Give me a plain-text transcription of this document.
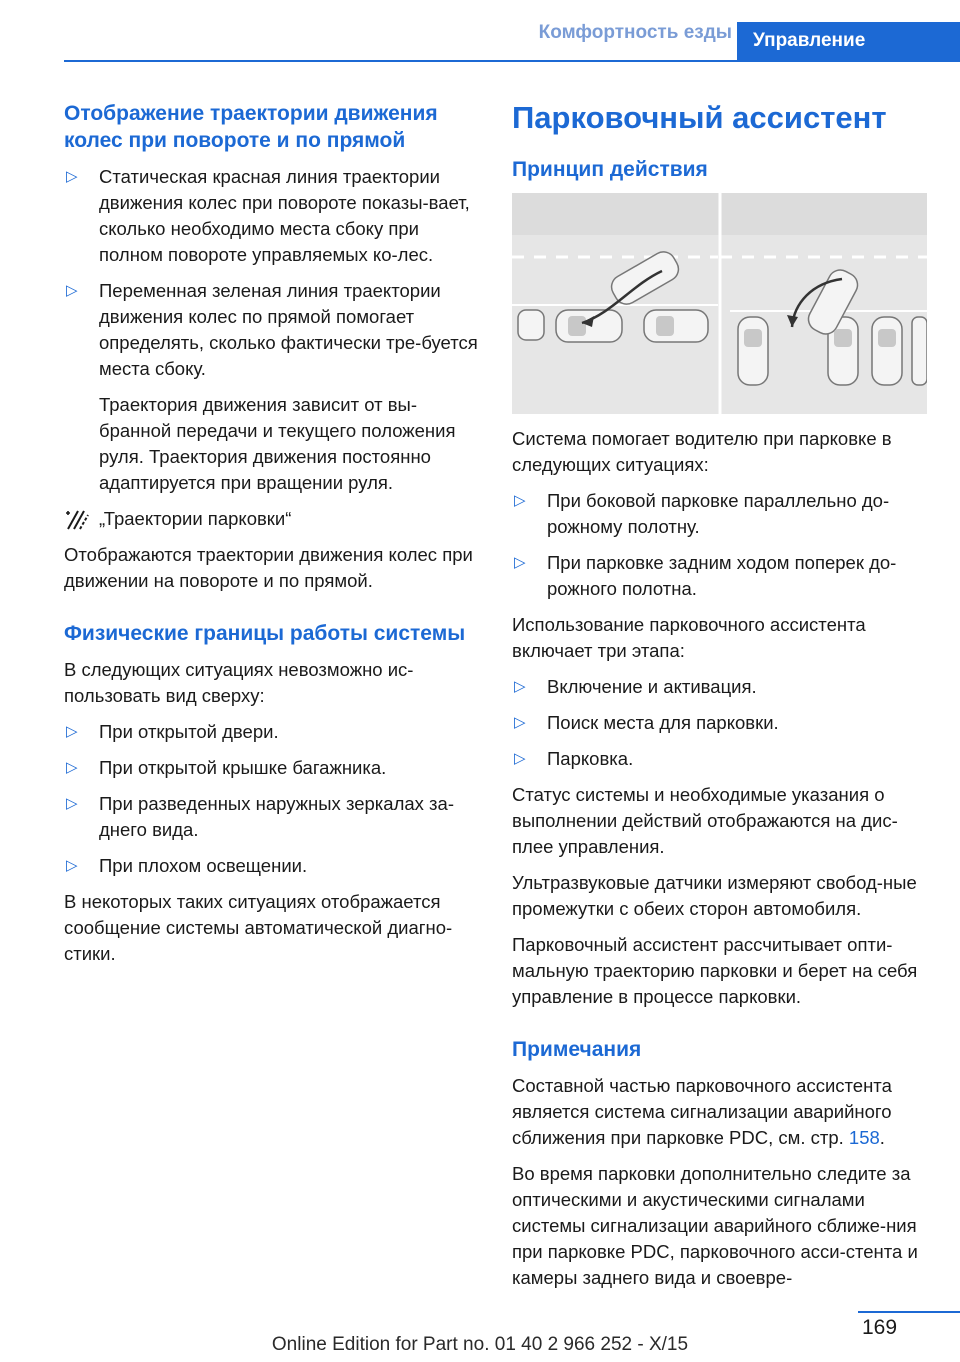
Комфортность езды	Управление
Отображение траектории движения колес при повороте и по прямой
▷ Статическая красная линия траектории движения колес при повороте показы-вает, сколько необходимо места сбоку при полном повороте управляемых ко-лес.
▷ Переменная зеленая линия траектории движения колес по прямой помогает определять, сколько фактически тре-буется места сбоку.

Траектория движения зависит от вы-бранной передачи и текущего положения руля. Траектория движения постоянно адаптируется при вращении руля.

„Траектории парковки“

Отображаются траектории движения колес при движении на повороте и по прямой.

Физические границы работы системы

В следующих ситуациях невозможно ис-пользовать вид сверху:

▷ При открытой двери.
▷ При открытой крышке багажника.
▷ При разведенных наружных зеркалах за-днего вида.
▷ При плохом освещении.

В некоторых таких ситуациях отображается сообщение системы автоматической диагно-стики.

Парковочный ассистент
Принцип действия

Система помогает водителю при парковке в следующих ситуациях:

▷ При боковой парковке параллельно до-рожному полотну.
▷ При парковке задним ходом поперек до-рожного полотна.

Использование парковочного ассистента включает три этапа:

▷ Включение и активация.
▷ Поиск места для парковки.
▷ Парковка.

Статус системы и необходимые указания о выполнении действий отображаются на дис-плее управления.

Ультразвуковые датчики измеряют свобод-ные промежутки с обеих сторон автомобиля.

Парковочный ассистент рассчитывает опти-мальную траекторию парковки и берет на себя управление в процессе парковки.

Примечания

Составной частью парковочного ассистента является система сигнализации аварийного сближения при парковке PDC, см. стр. 158.

Во время парковки дополнительно следите за оптическими и акустическими сигналами системы сигнализации аварийного сближе-ния при парковке PDC, парковочного асси-стента и камеры заднего вида и своевре-

169
Online Edition for Part no. 01 40 2 966 252 - X/15
